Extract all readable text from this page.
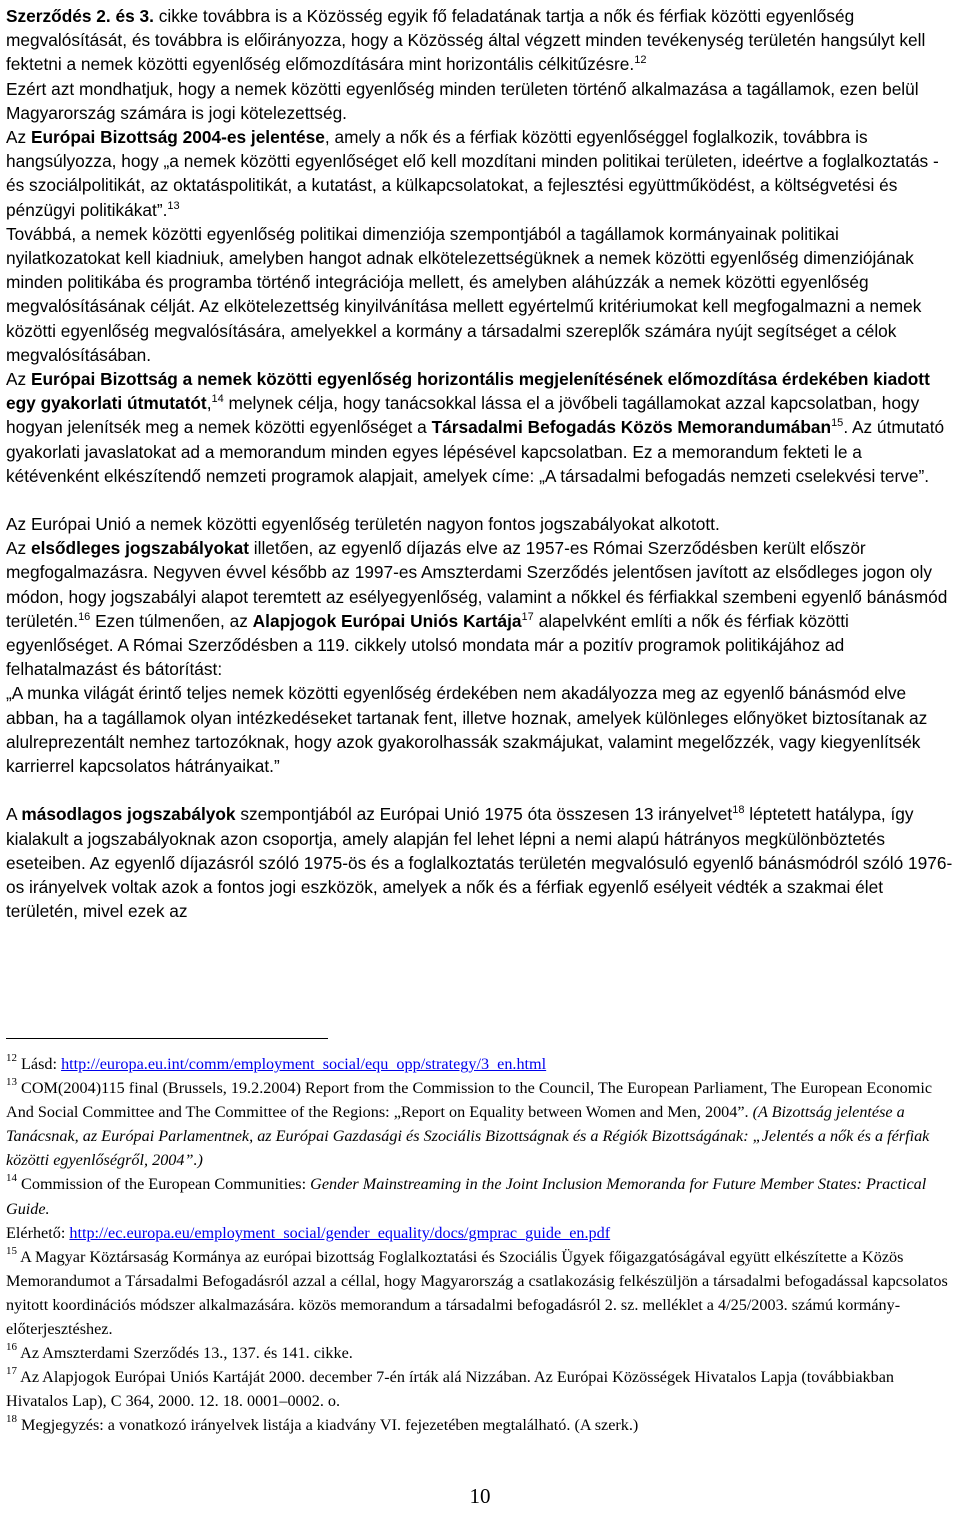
Szerződés 2. és 3. cikke továbbra is a Közösség egyik fő feladatának tartja a nők és férfiak közötti egyenlőség megvalósítását, és továbbra is előirányozza, hogy a Közösség által végzett minden tevékenység területén hangsúlyt kell fektetni a nemek közötti egyenlőség előmozdítására mint horizontális célkitűzésre.$^{12}$

Ezért azt mondhatjuk, hogy a nemek közötti egyenlőség minden területen történő alkalmazása a tagállamok, ezen belül Magyarország számára is jogi kötelezettség.

Az Európai Bizottság 2004-es jelentése, amely a nők és a férfiak közötti egyenlőséggel foglalkozik, továbbra is hangsúlyozza, hogy „a nemek közötti egyenlőséget elő kell mozdítani minden politikai területen, ideértve a foglalkoztatás - és szociálpolitikát, az oktatáspolitikát, a kutatást, a külkapcsolatokat, a fejlesztési együttműködést, a költségvetési és pénzügyi politikákat”.$^{13}$

Továbbá, a nemek közötti egyenlőség politikai dimenziója szempontjából a tagállamok kormányainak politikai nyilatkozatokat kell kiadniuk, amelyben hangot adnak elkötelezettségüknek a nemek közötti egyenlőség dimenziójának minden politikába és programba történő integrációja mellett, és amelyben aláhúzzák a nemek közötti egyenlőség megvalósításának célját. Az elkötelezettség kinyilvánítása mellett egyértelmű kritériumokat kell megfogalmazni a nemek közötti egyenlőség megvalósítására, amelyekkel a kormány a társadalmi szereplők számára nyújt segítséget a célok megvalósításában.

Az Európai Bizottság a nemek közötti egyenlőség horizontális megjelenítésének előmozdítása érdekében kiadott egy gyakorlati útmutatót,$^{14}$ melynek célja, hogy tanácsokkal lássa el a jövőbeli tagállamokat azzal kapcsolatban, hogy hogyan jelenítsék meg a nemek közötti egyenlőséget a Társadalmi Befogadás Közös Memorandumában$^{15}$. Az útmutató gyakorlati javaslatokat ad a memorandum minden egyes lépésével kapcsolatban. Ez a memorandum fekteti le a kétévenként elkészítendő nemzeti programok alapjait, amelyek címe: „A társadalmi befogadás nemzeti cselekvési terve”.

Az Európai Unió a nemek közötti egyenlőség területén nagyon fontos jogszabályokat alkotott.

Az elsődleges jogszabályokat illetően, az egyenlő díjazás elve az 1957-es Római Szerződésben került először megfogalmazásra. Negyven évvel később az 1997-es Amszterdami Szerződés jelentősen javított az elsődleges jogon oly módon, hogy jogszabályi alapot teremtett az esélyegyenlőség, valamint a nőkkel és férfiakkal szembeni egyenlő bánásmód területén.$^{16}$ Ezen túlmenően, az Alapjogok Európai Uniós Kartája$^{17}$ alapelvként említi a nők és férfiak közötti egyenlőséget. A Római Szerződésben a 119. cikkely utolsó mondata már a pozitív programok politikájához ad felhatalmazást és bátorítást:

„A munka világát érintő teljes nemek közötti egyenlőség érdekében nem akadályozza meg az egyenlő bánásmód elve abban, ha a tagállamok olyan intézkedéseket tartanak fent, illetve hoznak, amelyek különleges előnyöket biztosítanak az alulreprezentált nemhez tartozóknak, hogy azok gyakorolhassák szakmájukat, valamint megelőzzék, vagy kiegyenlítsék karrierrel kapcsolatos hátrányaikat.”

A másodlagos jogszabályok szempontjából az Európai Unió 1975 óta összesen 13 irányelvet$^{18}$ léptetett hatálypa, így kialakult a jogszabályoknak azon csoportja, amely alapján fel lehet lépni a nemi alapú hátrányos megkülönböztetés eseteiben. Az egyenlő díjazásról szóló 1975-ös és a foglalkoztatás területén megvalósuló egyenlő bánásmódról szóló 1976-os irányelvek voltak azok a fontos jogi eszközök, amelyek a nők és a férfiak egyenlő esélyeit védték a szakmai élet területén, mivel ezek az

$^{12}$ Lásd: http://europa.eu.int/comm/employment_social/equ_opp/strategy/3_en.html

$^{13}$ COM(2004)115 final (Brussels, 19.2.2004) Report from the Commission to the Council, The European Parliament, The European Economic And Social Committee and The Committee of the Regions: „Report on Equality between Women and Men, 2004”. (A Bizottság jelentése a Tanácsnak, az Európai Parlamentnek, az Európai Gazdasági és Szociális Bizottságnak és a Régiók Bizottságának: „Jelentés a nők és a férfiak közötti egyenlőségről, 2004”.)

$^{14}$ Commission of the European Communities: Gender Mainstreaming in the Joint Inclusion Memoranda for Future Member States: Practical Guide.
Elérhető: http://ec.europa.eu/employment_social/gender_equality/docs/gmprac_guide_en.pdf

$^{15}$ A Magyar Köztársaság Kormánya az európai bizottság Foglalkoztatási és Szociális Ügyek főigazgatóságával együtt elkészítette a Közös Memorandumot a Társadalmi Befogadásról azzal a céllal, hogy Magyarország a csatlakozásig felkészüljön a társadalmi befogadással kapcsolatos nyitott koordinációs módszer alkalmazására. közös memorandum a társadalmi befogadásról 2. sz. melléklet a 4/25/2003. számú kormány-előterjesztéshez.

$^{16}$ Az Amszterdami Szerződés 13., 137. és 141. cikke.

$^{17}$ Az Alapjogok Európai Uniós Kartáját 2000. december 7-én írták alá Nizzában. Az Európai Közösségek Hivatalos Lapja (továbbiakban Hivatalos Lap), C 364, 2000. 12. 18. 0001–0002. o.

$^{18}$ Megjegyzés: a vonatkozó irányelvek listája a kiadvány VI. fejezetében megtalálható. (A szerk.)

10
